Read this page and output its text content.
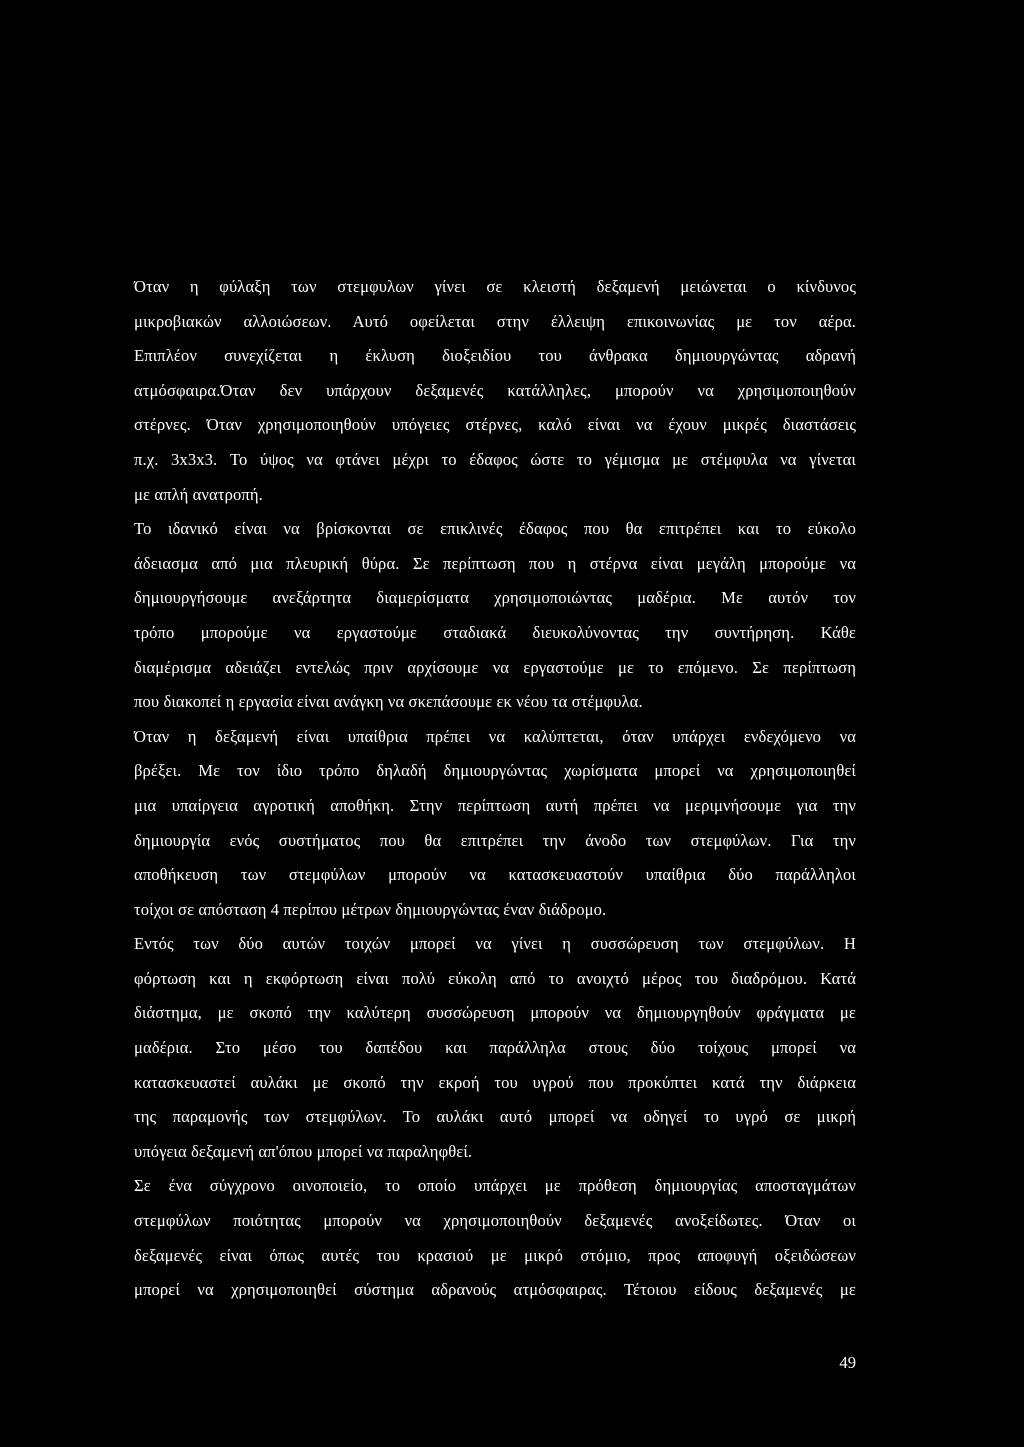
Όταν η φύλαξη των στεμφυλων γίνει σε κλειστή δεξαμενή μειώνεται ο κίνδυνος
μικροβιακών αλλοιώσεων. Αυτό οφείλεται στην έλλειψη επικοινωνίας με τον αέρα.
Επιπλέον συνεχίζεται η έκλυση διοξειδίου του άνθρακα δημιουργώντας αδρανή
ατμόσφαιρα.Όταν δεν υπάρχουν δεξαμενές κατάλληλες, μπορούν να χρησιμοποιηθούν
στέρνες. Όταν χρησιμοποιηθούν υπόγειες στέρνες, καλό είναι να έχουν μικρές διαστάσεις
π.χ. 3x3x3. Το ύψος να φτάνει μέχρι το έδαφος ώστε το γέμισμα με στέμφυλα να γίνεται
με απλή ανατροπή.

Το ιδανικό είναι να βρίσκονται σε επικλινές έδαφος που θα επιτρέπει και το εύκολο
άδειασμα από μια πλευρική θύρα. Σε περίπτωση που η στέρνα είναι μεγάλη μπορούμε να
δημιουργήσουμε ανεξάρτητα διαμερίσματα χρησιμοποιώντας μαδέρια. Με αυτόν τον
τρόπο μπορούμε να εργαστούμε σταδιακά διευκολύνοντας την συντήρηση. Κάθε
διαμέρισμα αδειάζει εντελώς πριν αρχίσουμε να εργαστούμε με το επόμενο. Σε περίπτωση
που διακοπεί η εργασία είναι ανάγκη να σκεπάσουμε εκ νέου τα στέμφυλα.

Όταν η δεξαμενή είναι υπαίθρια πρέπει να καλύπτεται, όταν υπάρχει ενδεχόμενο να
βρέξει. Με τον ίδιο τρόπο δηλαδή δημιουργώντας χωρίσματα μπορεί να χρησιμοποιηθεί
μια υπαίργεια αγροτική αποθήκη. Στην περίπτωση αυτή πρέπει να μεριμνήσουμε για την
δημιουργία ενός συστήματος που θα επιτρέπει την άνοδο των στεμφύλων. Για την
αποθήκευση των στεμφύλων μπορούν να κατασκευαστούν υπαίθρια δύο παράλληλοι
τοίχοι σε απόσταση 4 περίπου μέτρων δημιουργώντας έναν διάδρομο.

Εντός των δύο αυτών τοιχών μπορεί να γίνει η συσσώρευση των στεμφύλων. Η
φόρτωση και η εκφόρτωση είναι πολύ εύκολη από το ανοιχτό μέρος του διαδρόμου. Κατά
διάστημα, με σκοπό την καλύτερη συσσώρευση μπορούν να δημιουργηθούν φράγματα με
μαδέρια. Στο μέσο του δαπέδου και παράλληλα στους δύο τοίχους μπορεί να
κατασκευαστεί αυλάκι με σκοπό την εκροή του υγρού που προκύπτει κατά την διάρκεια
της παραμονής των στεμφύλων. Το αυλάκι αυτό μπορεί να οδηγεί το υγρό σε μικρή
υπόγεια δεξαμενή απ'όπου μπορεί να παραληφθεί.

Σε ένα σύγχρονο οινοποιείο, το οποίο υπάρχει με πρόθεση δημιουργίας αποσταγμάτων
στεμφύλων ποιότητας μπορούν να χρησιμοποιηθούν δεξαμενές ανοξείδωτες. Όταν οι
δεξαμενές είναι όπως αυτές του κρασιού με μικρό στόμιο, προς αποφυγή οξειδώσεων
μπορεί να χρησιμοποιηθεί σύστημα αδρανούς ατμόσφαιρας. Τέτοιου είδους δεξαμενές με

49
